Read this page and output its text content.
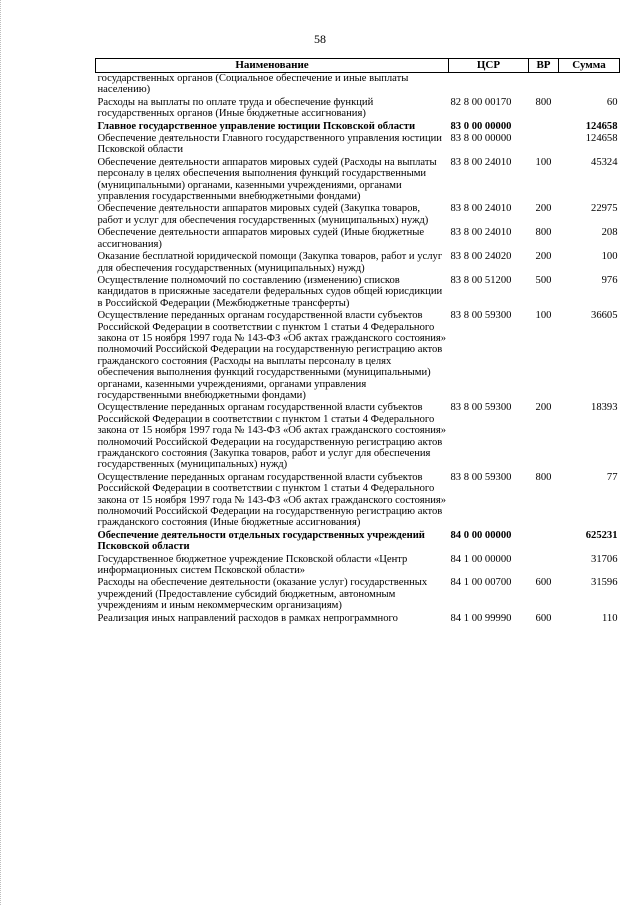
58
Наименование	ЦСР	ВР	Сумма
государственных органов (Социальное обеспечение и иные выплаты населению)			
Расходы на выплаты по оплате труда и обеспечение функций государственных органов (Иные бюджетные ассигнования)	82 8 00 00170	800	60
Главное государственное управление юстиции Псковской области	83 0 00 00000		124658
Обеспечение деятельности Главного государственного управления юстиции Псковской области	83 8 00 00000		124658
Обеспечение деятельности аппаратов мировых судей (Расходы на выплаты персоналу в целях обеспечения выполнения функций государственными (муниципальными) органами, казенными учреждениями, органами управления государственными внебюджетными фондами)	83 8 00 24010	100	45324
Обеспечение деятельности аппаратов мировых судей (Закупка товаров, работ и услуг для обеспечения государственных (муниципальных) нужд)	83 8 00 24010	200	22975
Обеспечение деятельности аппаратов мировых судей (Иные бюджетные ассигнования)	83 8 00 24010	800	208
Оказание бесплатной юридической помощи (Закупка товаров, работ и услуг для обеспечения государственных (муниципальных) нужд)	83 8 00 24020	200	100
Осуществление полномочий по составлению (изменению) списков кандидатов в присяжные заседатели федеральных судов общей юрисдикции в Российской Федерации (Межбюджетные трансферты)	83 8 00 51200	500	976
Осуществление переданных органам государственной власти субъектов Российской Федерации в соответствии с пунктом 1 статьи 4 Федерального закона от 15 ноября 1997 года № 143-ФЗ «Об актах гражданского состояния» полномочий Российской Федерации на государственную регистрацию актов гражданского состояния (Расходы на выплаты персоналу в целях обеспечения выполнения функций государственными (муниципальными) органами, казенными учреждениями, органами управления государственными внебюджетными фондами)	83 8 00 59300	100	36605
Осуществление переданных органам государственной власти субъектов Российской Федерации в соответствии с пунктом 1 статьи 4 Федерального закона от 15 ноября 1997 года № 143-ФЗ «Об актах гражданского состояния» полномочий Российской Федерации на государственную регистрацию актов гражданского состояния (Закупка товаров, работ и услуг для обеспечения государственных (муниципальных) нужд)	83 8 00 59300	200	18393
Осуществление переданных органам государственной власти субъектов Российской Федерации в соответствии с пунктом 1 статьи 4 Федерального закона от 15 ноября 1997 года № 143-ФЗ «Об актах гражданского состояния» полномочий Российской Федерации на государственную регистрацию актов гражданского состояния (Иные бюджетные ассигнования)	83 8 00 59300	800	77
Обеспечение деятельности отдельных государственных учреждений Псковской области	84 0 00 00000		625231
Государственное бюджетное учреждение Псковской области «Центр информационных систем Псковской области»	84 1 00 00000		31706
Расходы на обеспечение деятельности (оказание услуг) государственных учреждений (Предоставление субсидий бюджетным, автономным учреждениям и иным некоммерческим организациям)	84 1 00 00700	600	31596
Реализация иных направлений расходов в рамках непрограммного	84 1 00 99990	600	110
